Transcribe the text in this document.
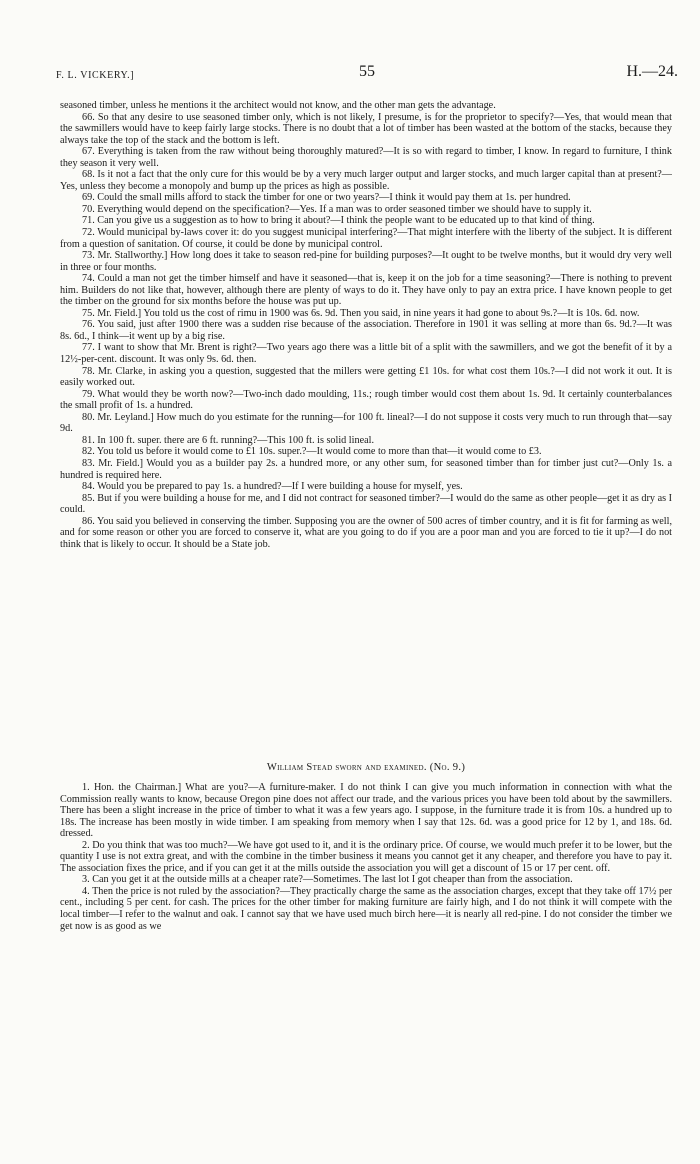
F. L. VICKERY.]	55	H.—24.

seasoned timber, unless he mentions it the architect would not know, and the other man gets the advantage.

66. So that any desire to use seasoned timber only, which is not likely, I presume, is for the proprietor to specify?—Yes, that would mean that the sawmillers would have to keep fairly large stocks. There is no doubt that a lot of timber has been wasted at the bottom of the stacks, because they always take the top of the stack and the bottom is left.

67. Everything is taken from the raw without being thoroughly matured?—It is so with regard to timber, I know. In regard to furniture, I think they season it very well.

68. Is it not a fact that the only cure for this would be by a very much larger output and larger stocks, and much larger capital than at present?—Yes, unless they become a monopoly and bump up the prices as high as possible.

69. Could the small mills afford to stack the timber for one or two years?—I think it would pay them at 1s. per hundred.

70. Everything would depend on the specification?—Yes. If a man was to order seasoned timber we should have to supply it.

71. Can you give us a suggestion as to how to bring it about?—I think the people want to be educated up to that kind of thing.

72. Would municipal by-laws cover it: do you suggest municipal interfering?—That might interfere with the liberty of the subject. It is different from a question of sanitation. Of course, it could be done by municipal control.

73. Mr. Stallworthy.] How long does it take to season red-pine for building purposes?—It ought to be twelve months, but it would dry very well in three or four months.

74. Could a man not get the timber himself and have it seasoned—that is, keep it on the job for a time seasoning?—There is nothing to prevent him. Builders do not like that, however, although there are plenty of ways to do it. They have only to pay an extra price. I have known people to get the timber on the ground for six months before the house was put up.

75. Mr. Field.] You told us the cost of rimu in 1900 was 6s. 9d. Then you said, in nine years it had gone to about 9s.?—It is 10s. 6d. now.

76. You said, just after 1900 there was a sudden rise because of the association. Therefore in 1901 it was selling at more than 6s. 9d.?—It was 8s. 6d., I think—it went up by a big rise.

77. I want to show that Mr. Brent is right?—Two years ago there was a little bit of a split with the sawmillers, and we got the benefit of it by a 12½-per-cent. discount. It was only 9s. 6d. then.

78. Mr. Clarke, in asking you a question, suggested that the millers were getting £1 10s. for what cost them 10s.?—I did not work it out. It is easily worked out.

79. What would they be worth now?—Two-inch dado moulding, 11s.; rough timber would cost them about 1s. 9d. It certainly counterbalances the small profit of 1s. a hundred.

80. Mr. Leyland.] How much do you estimate for the running—for 100 ft. lineal?—I do not suppose it costs very much to run through that—say 9d.

81. In 100 ft. super. there are 6 ft. running?—This 100 ft. is solid lineal.

82. You told us before it would come to £1 10s. super.?—It would come to more than that—it would come to £3.

83. Mr. Field.] Would you as a builder pay 2s. a hundred more, or any other sum, for seasoned timber than for timber just cut?—Only 1s. a hundred is required here.

84. Would you be prepared to pay 1s. a hundred?—If I were building a house for myself, yes.

85. But if you were building a house for me, and I did not contract for seasoned timber?—I would do the same as other people—get it as dry as I could.

86. You said you believed in conserving the timber. Supposing you are the owner of 500 acres of timber country, and it is fit for farming as well, and for some reason or other you are forced to conserve it, what are you going to do if you are a poor man and you are forced to tie it up?—I do not think that is likely to occur. It should be a State job.

William Stead sworn and examined. (No. 9.)

1. Hon. the Chairman.] What are you?—A furniture-maker. I do not think I can give you much information in connection with what the Commission really wants to know, because Oregon pine does not affect our trade, and the various prices you have been told about by the sawmillers. There has been a slight increase in the price of timber to what it was a few years ago. I suppose, in the furniture trade it is from 10s. a hundred up to 18s. The increase has been mostly in wide timber. I am speaking from memory when I say that 12s. 6d. was a good price for 12 by 1, and 18s. 6d. dressed.

2. Do you think that was too much?—We have got used to it, and it is the ordinary price. Of course, we would much prefer it to be lower, but the quantity I use is not extra great, and with the combine in the timber business it means you cannot get it any cheaper, and therefore you have to pay it. The association fixes the price, and if you can get it at the mills outside the association you will get a discount of 15 or 17 per cent. off.

3. Can you get it at the outside mills at a cheaper rate?—Sometimes. The last lot I got cheaper than from the association.

4. Then the price is not ruled by the association?—They practically charge the same as the association charges, except that they take off 17½ per cent., including 5 per cent. for cash. The prices for the other timber for making furniture are fairly high, and I do not think it will compete with the local timber—I refer to the walnut and oak. I cannot say that we have used much birch here—it is nearly all red-pine. I do not consider the timber we get now is as good as we
